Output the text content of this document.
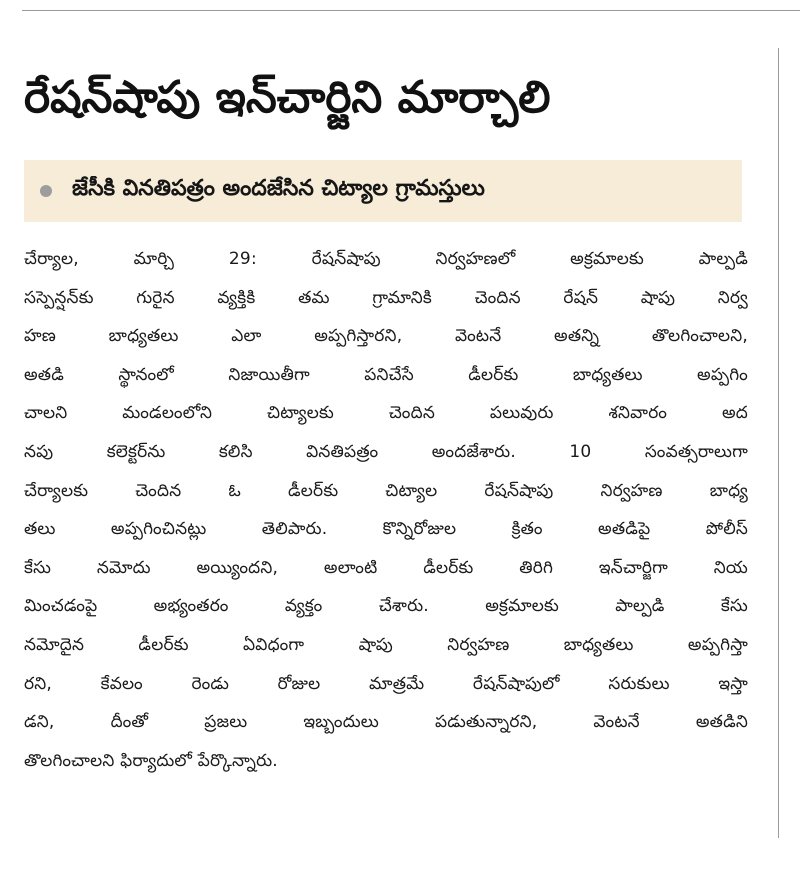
రేషన్‌షాపు ఇన్‌చార్జిని మార్చాలి
జేసీకి వినతిపత్రం అందజేసిన చిట్యాల గ్రామస్తులు
చేర్యాల, మార్చి 29: రేషన్‌షాపు నిర్వహణలో అక్రమాలకు పాల్పడి
సస్పెన్షన్‌కు గురైన వ్యక్తికి తమ గ్రామానికి చెందిన రేషన్ షాపు నిర్వ
హణ బాధ్యతలు ఎలా అప్పగిస్తారని, వెంటనే అతన్ని తొలగించాలని,
అతడి స్థానంలో నిజాయితీగా పనిచేసే డీలర్‌కు బాధ్యతలు అప్పగిం
చాలని మండలంలోని చిట్యాలకు చెందిన పలువురు శనివారం అద
నపు కలెక్టర్‌ను కలిసి వినతిపత్రం అందజేశారు. 10 సంవత్సరాలుగా
చేర్యాలకు చెందిన ఓ డీలర్‌కు చిట్యాల రేషన్‌షాపు నిర్వహణ బాధ్య
తలు అప్పగించినట్లు తెలిపారు. కొన్నిరోజుల క్రితం అతడిపై పోలీస్
కేసు నమోదు అయ్యిందని, అలాంటి డీలర్‌కు తిరిగి ఇన్‌చార్జిగా నియ
మించడంపై అభ్యంతరం వ్యక్తం చేశారు. అక్రమాలకు పాల్పడి కేసు
నమోదైన డీలర్‌కు ఏవిధంగా షాపు నిర్వహణ బాధ్యతలు అప్పగిస్తా
రని, కేవలం రెండు రోజుల మాత్రమే రేషన్‌షాపులో సరుకులు ఇస్తా
డని, దీంతో ప్రజలు ఇబ్బందులు పడుతున్నారని, వెంటనే అతడిని
తొలగించాలని ఫిర్యాదులో పేర్కొన్నారు.
